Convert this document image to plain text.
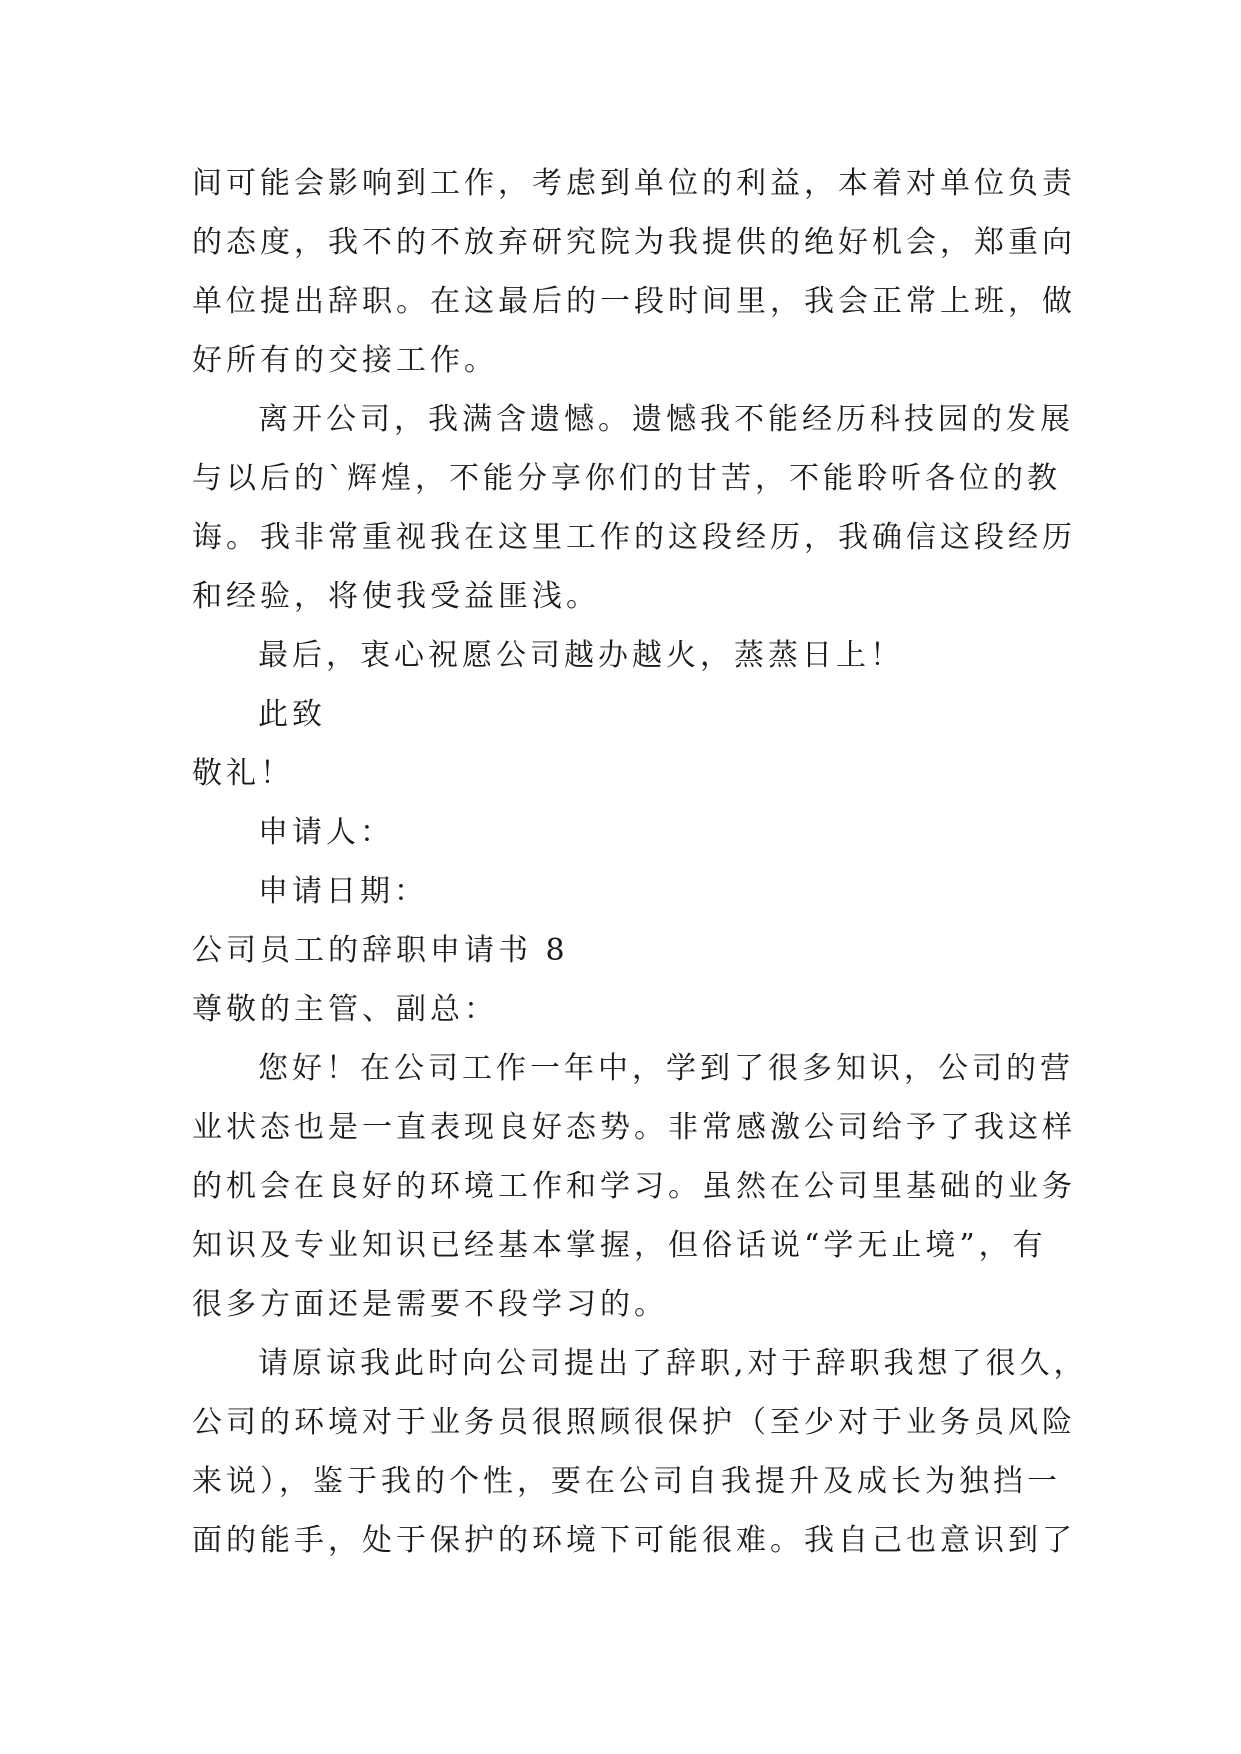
间可能会影响到工作，考虑到单位的利益，本着对单位负责
的态度，我不的不放弃研究院为我提供的绝好机会，郑重向
单位提出辞职。在这最后的一段时间里，我会正常上班，做
好所有的交接工作。
离开公司，我满含遗憾。遗憾我不能经历科技园的发展
与以后的`辉煌，不能分享你们的甘苦，不能聆听各位的教
诲。我非常重视我在这里工作的这段经历，我确信这段经历
和经验，将使我受益匪浅。
最后，衷心祝愿公司越办越火，蒸蒸日上！
此致
敬礼！
申请人：
申请日期：
公司员工的辞职申请书 8
尊敬的主管、副总：
您好！在公司工作一年中，学到了很多知识，公司的营
业状态也是一直表现良好态势。非常感激公司给予了我这样
的机会在良好的环境工作和学习。虽然在公司里基础的业务
知识及专业知识已经基本掌握，但俗话说“学无止境”，有
很多方面还是需要不段学习的。
请原谅我此时向公司提出了辞职,对于辞职我想了很久，
公司的环境对于业务员很照顾很保护（至少对于业务员风险
来说），鉴于我的个性，要在公司自我提升及成长为独挡一
面的能手，处于保护的环境下可能很难。我自己也意识到了
